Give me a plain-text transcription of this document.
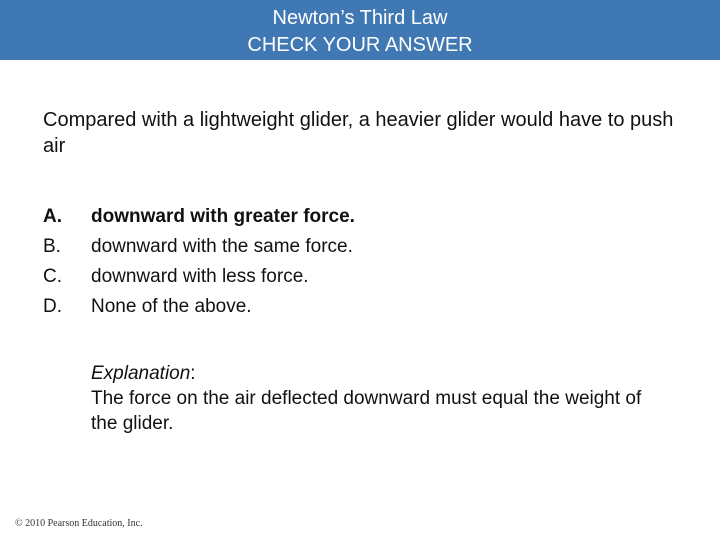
Newton’s Third Law
CHECK YOUR ANSWER
Compared with a lightweight glider, a heavier glider would have to push air
A.	downward with greater force.
B.	downward with the same force.
C.	downward with less force.
D.	None of the above.
Explanation:
The force on the air deflected downward must equal the weight of the glider.
© 2010 Pearson Education, Inc.
